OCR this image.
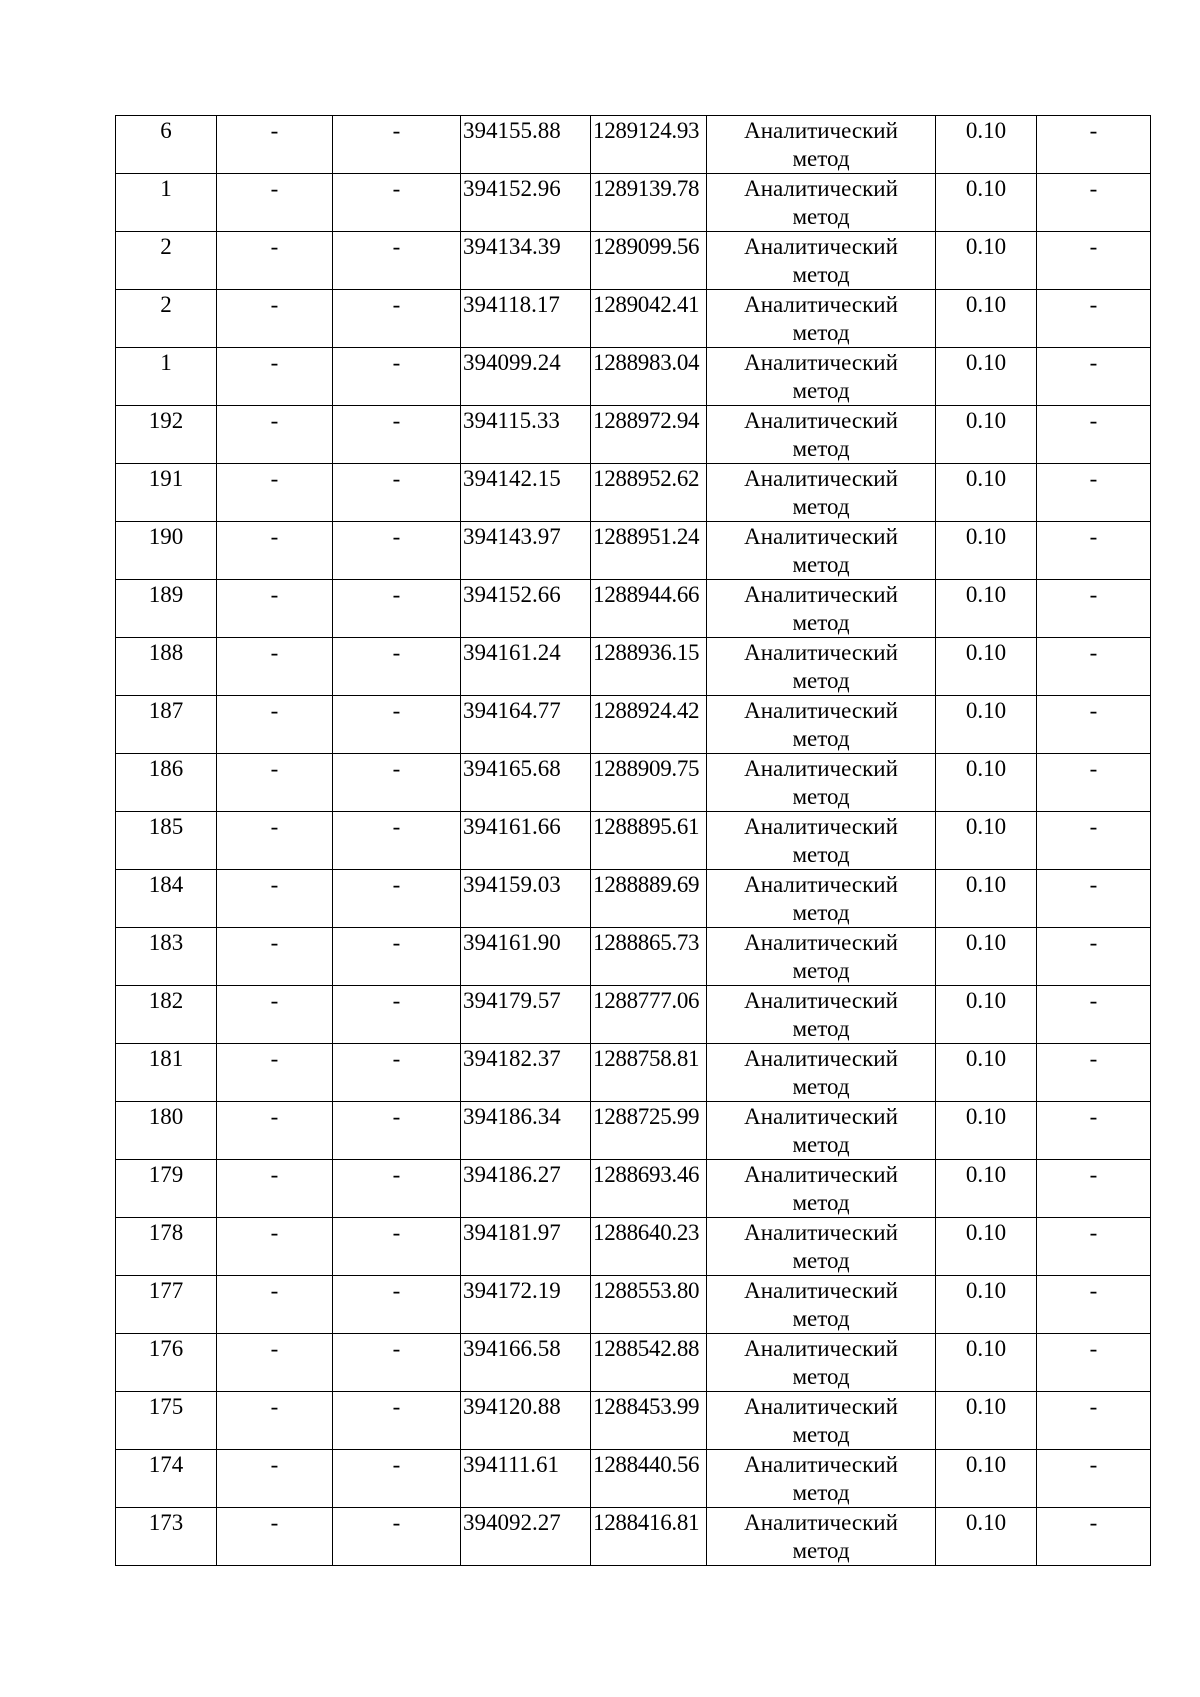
6	-	-	394155.88	1289124.93	Аналитический метод	0.10	-
1	-	-	394152.96	1289139.78	Аналитический метод	0.10	-
2	-	-	394134.39	1289099.56	Аналитический метод	0.10	-
2	-	-	394118.17	1289042.41	Аналитический метод	0.10	-
1	-	-	394099.24	1288983.04	Аналитический метод	0.10	-
192	-	-	394115.33	1288972.94	Аналитический метод	0.10	-
191	-	-	394142.15	1288952.62	Аналитический метод	0.10	-
190	-	-	394143.97	1288951.24	Аналитический метод	0.10	-
189	-	-	394152.66	1288944.66	Аналитический метод	0.10	-
188	-	-	394161.24	1288936.15	Аналитический метод	0.10	-
187	-	-	394164.77	1288924.42	Аналитический метод	0.10	-
186	-	-	394165.68	1288909.75	Аналитический метод	0.10	-
185	-	-	394161.66	1288895.61	Аналитический метод	0.10	-
184	-	-	394159.03	1288889.69	Аналитический метод	0.10	-
183	-	-	394161.90	1288865.73	Аналитический метод	0.10	-
182	-	-	394179.57	1288777.06	Аналитический метод	0.10	-
181	-	-	394182.37	1288758.81	Аналитический метод	0.10	-
180	-	-	394186.34	1288725.99	Аналитический метод	0.10	-
179	-	-	394186.27	1288693.46	Аналитический метод	0.10	-
178	-	-	394181.97	1288640.23	Аналитический метод	0.10	-
177	-	-	394172.19	1288553.80	Аналитический метод	0.10	-
176	-	-	394166.58	1288542.88	Аналитический метод	0.10	-
175	-	-	394120.88	1288453.99	Аналитический метод	0.10	-
174	-	-	394111.61	1288440.56	Аналитический метод	0.10	-
173	-	-	394092.27	1288416.81	Аналитический метод	0.10	-
